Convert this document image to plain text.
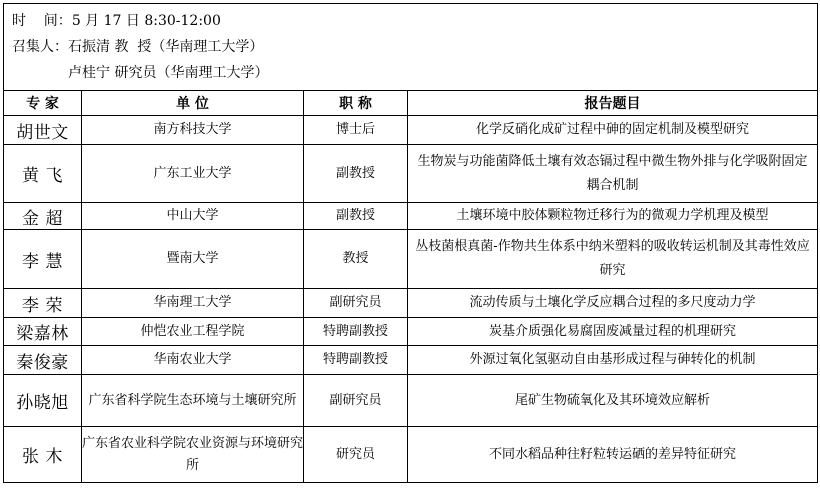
时    间：5 月 17 日 8:30-12:00
召集人：石振清 教  授（华南理工大学）
卢桂宁 研究员（华南理工大学）			

专 家	单 位	职 称	报告题目
胡世文	南方科技大学	博士后	化学反硝化成矿过程中砷的固定机制及模型研究
黄 飞	广东工业大学	副教授	生物炭与功能菌降低土壤有效态镉过程中微生物外排与化学吸附固定耦合机制
金 超	中山大学	副教授	土壤环境中胶体颗粒物迁移行为的微观力学机理及模型
李 慧	暨南大学	教授	丛枝菌根真菌-作物共生体系中纳米塑料的吸收转运机制及其毒性效应研究
李 荣	华南理工大学	副研究员	流动传质与土壤化学反应耦合过程的多尺度动力学
梁嘉林	仲恺农业工程学院	特聘副教授	炭基介质强化易腐固废减量过程的机理研究
秦俊豪	华南农业大学	特聘副教授	外源过氧化氢驱动自由基形成过程与砷转化的机制
孙晓旭	广东省科学院生态环境与土壤研究所	副研究员	尾矿生物硫氧化及其环境效应解析
张 木	广东省农业科学院农业资源与环境研究所	研究员	不同水稻品种往籽粒转运硒的差异特征研究
